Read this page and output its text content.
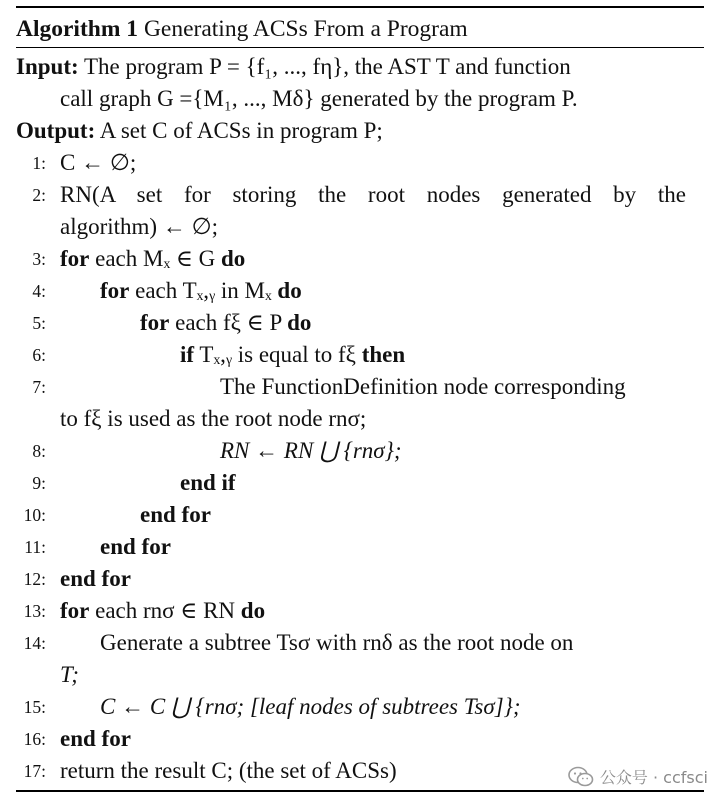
Algorithm 1 Generating ACSs From a Program
Input: The program P = {f₁, ..., fη}, the AST T and function
call graph G ={M₁, ..., Mδ} generated by the program P.
Output: A set C of ACSs in program P;
1: C ← ∅;
2: RN(A set for storing the root nodes generated by the
algorithm) ← ∅;
3: for each Mₓ ∈ G do
4: for each Tₓ,ᵧ in Mₓ do
5:	for each fξ ∈ P do
6:	if Tₓ,ᵧ is equal to fξ then
7:	The FunctionDefinition node corresponding
to fξ is used as the root node rnσ;
8:	RN ← RN ⋃ {rnσ};
9:	end if
10:	end for
11: end for
12: end for
13: for each rnσ ∈ RN do
14: Generate a subtree Tsσ with rnδ as the root node on
T;
15: C ← C ⋃ {rnσ; [leaf nodes of subtrees Tsσ]};
16: end for
17: return the result C; (the set of ACSs)	公众号 · ccfsci
